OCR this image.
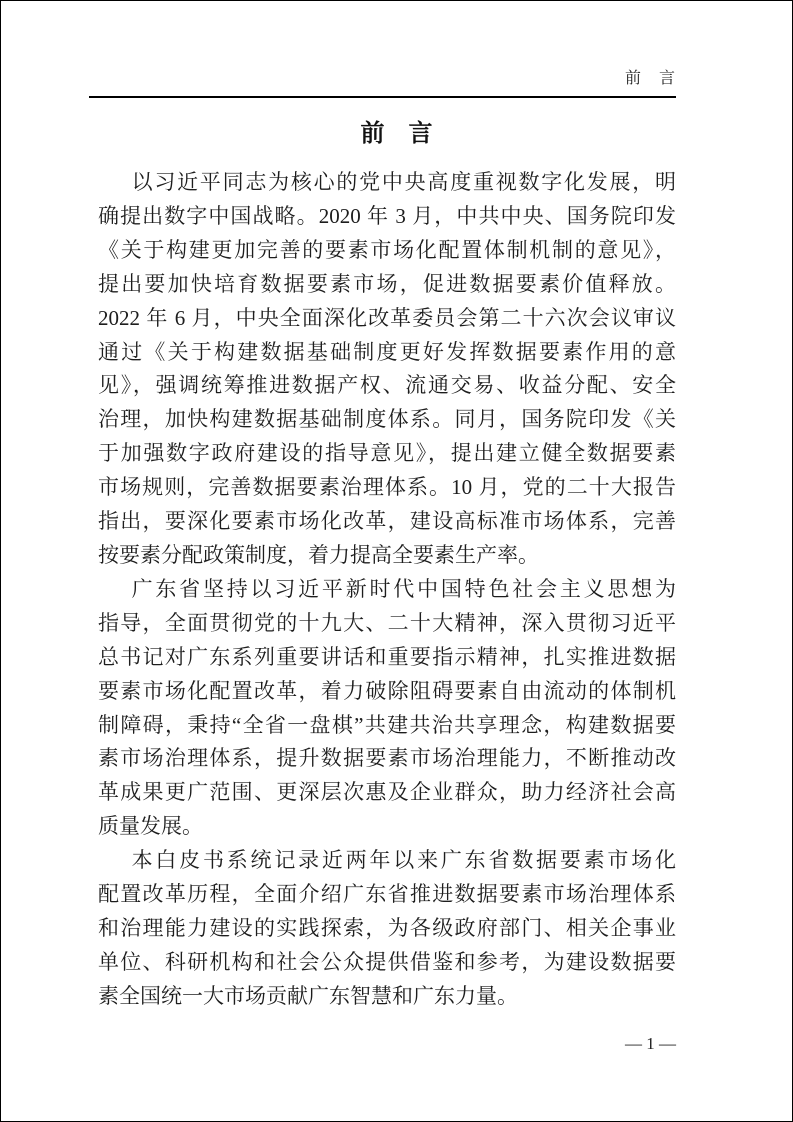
前　言
前　言
以习近平同志为核心的党中央高度重视数字化发展，明
确提出数字中国战略。2020 年 3 月，中共中央、国务院印发
《关于构建更加完善的要素市场化配置体制机制的意见》，
提出要加快培育数据要素市场，促进数据要素价值释放。
2022 年 6 月，中央全面深化改革委员会第二十六次会议审议
通过《关于构建数据基础制度更好发挥数据要素作用的意
见》，强调统筹推进数据产权、流通交易、收益分配、安全
治理，加快构建数据基础制度体系。同月，国务院印发《关
于加强数字政府建设的指导意见》，提出建立健全数据要素
市场规则，完善数据要素治理体系。10 月，党的二十大报告
指出，要深化要素市场化改革，建设高标准市场体系，完善
按要素分配政策制度，着力提高全要素生产率。
广东省坚持以习近平新时代中国特色社会主义思想为
指导，全面贯彻党的十九大、二十大精神，深入贯彻习近平
总书记对广东系列重要讲话和重要指示精神，扎实推进数据
要素市场化配置改革，着力破除阻碍要素自由流动的体制机
制障碍，秉持“全省一盘棋”共建共治共享理念，构建数据要
素市场治理体系，提升数据要素市场治理能力，不断推动改
革成果更广范围、更深层次惠及企业群众，助力经济社会高
质量发展。
本白皮书系统记录近两年以来广东省数据要素市场化
配置改革历程，全面介绍广东省推进数据要素市场治理体系
和治理能力建设的实践探索，为各级政府部门、相关企事业
单位、科研机构和社会公众提供借鉴和参考，为建设数据要
素全国统一大市场贡献广东智慧和广东力量。
— 1 —
